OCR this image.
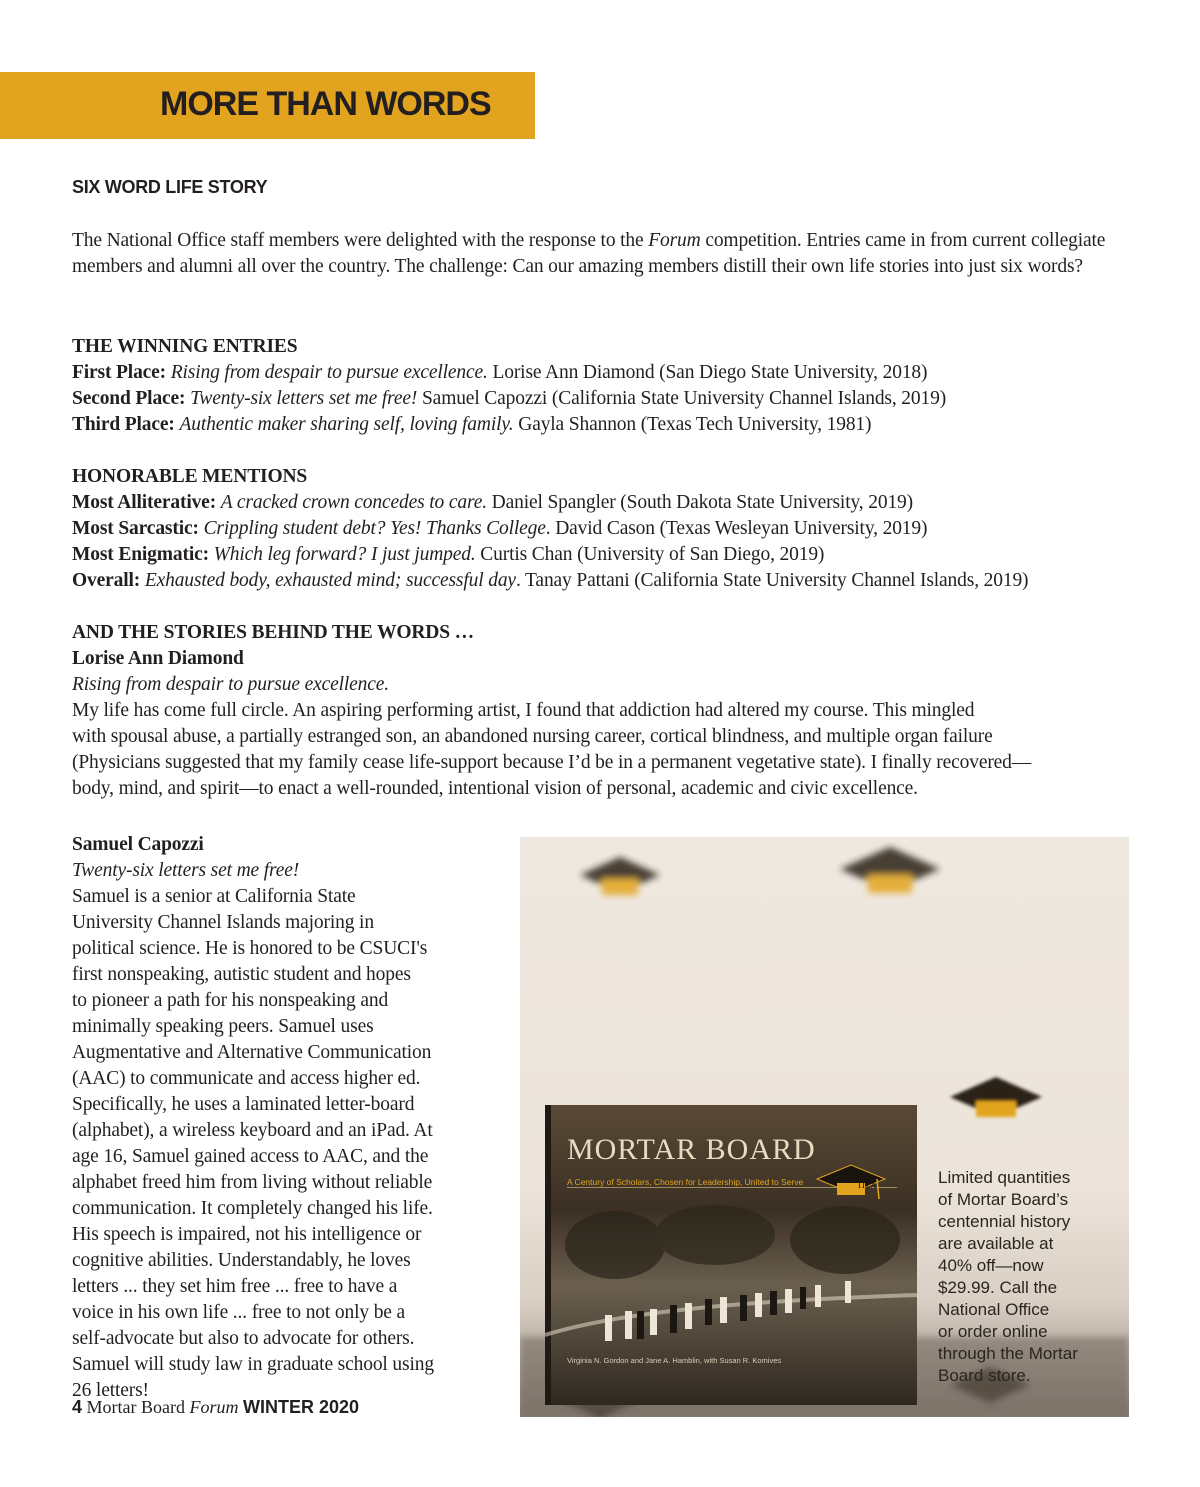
MORE THAN WORDS
SIX WORD LIFE STORY

The National Office staff members were delighted with the response to the Forum competition. Entries came in from current collegiate members and alumni all over the country. The challenge: Can our amazing members distill their own life stories into just six words?

THE WINNING ENTRIES

First Place: Rising from despair to pursue excellence. Lorise Ann Diamond (San Diego State University, 2018)

Second Place: Twenty-six letters set me free! Samuel Capozzi (California State University Channel Islands, 2019)

Third Place: Authentic maker sharing self, loving family. Gayla Shannon (Texas Tech University, 1981)

HONORABLE MENTIONS

Most Alliterative: A cracked crown concedes to care. Daniel Spangler (South Dakota State University, 2019)

Most Sarcastic: Crippling student debt? Yes! Thanks College. David Cason (Texas Wesleyan University, 2019)

Most Enigmatic: Which leg forward? I just jumped. Curtis Chan (University of San Diego, 2019)

Overall: Exhausted body, exhausted mind; successful day. Tanay Pattani (California State University Channel Islands, 2019)

AND THE STORIES BEHIND THE WORDS …

Lorise Ann Diamond

Rising from despair to pursue excellence.

My life has come full circle. An aspiring performing artist, I found that addiction had altered my course. This mingled

with spousal abuse, a partially estranged son, an abandoned nursing career, cortical blindness, and multiple organ failure

(Physicians suggested that my family cease life-support because I’d be in a permanent vegetative state). I finally recovered—

body, mind, and spirit—to enact a well-rounded, intentional vision of personal, academic and civic excellence.

Samuel Capozzi

Twenty-six letters set me free!

Samuel is a senior at California State

University Channel Islands majoring in

political science. He is honored to be CSUCI's

first nonspeaking, autistic student and hopes

to pioneer a path for his nonspeaking and

minimally speaking peers. Samuel uses

Augmentative and Alternative Communication

(AAC) to communicate and access higher ed.

Specifically, he uses a laminated letter-board

(alphabet), a wireless keyboard and an iPad. At

age 16, Samuel gained access to AAC, and the

alphabet freed him from living without reliable

communication. It completely changed his life.

His speech is impaired, not his intelligence or

cognitive abilities. Understandably, he loves

letters ... they set him free ... free to have a

voice in his own life ... free to not only be a

self-advocate but also to advocate for others.

Samuel will study law in graduate school using

26 letters!

ΠΣΑ
MORTAR BOARD
A Century of Scholars, Chosen for Leadership, United to Serve
Virginia N. Gordon and Jane A. Hamblin, with Susan R. Komives
Limited quantities
of Mortar Board’s
centennial history
are available at
40% off—now
$29.99. Call the
National Office
or order online
through the Mortar
Board store.
4 Mortar Board Forum WINTER 2020
